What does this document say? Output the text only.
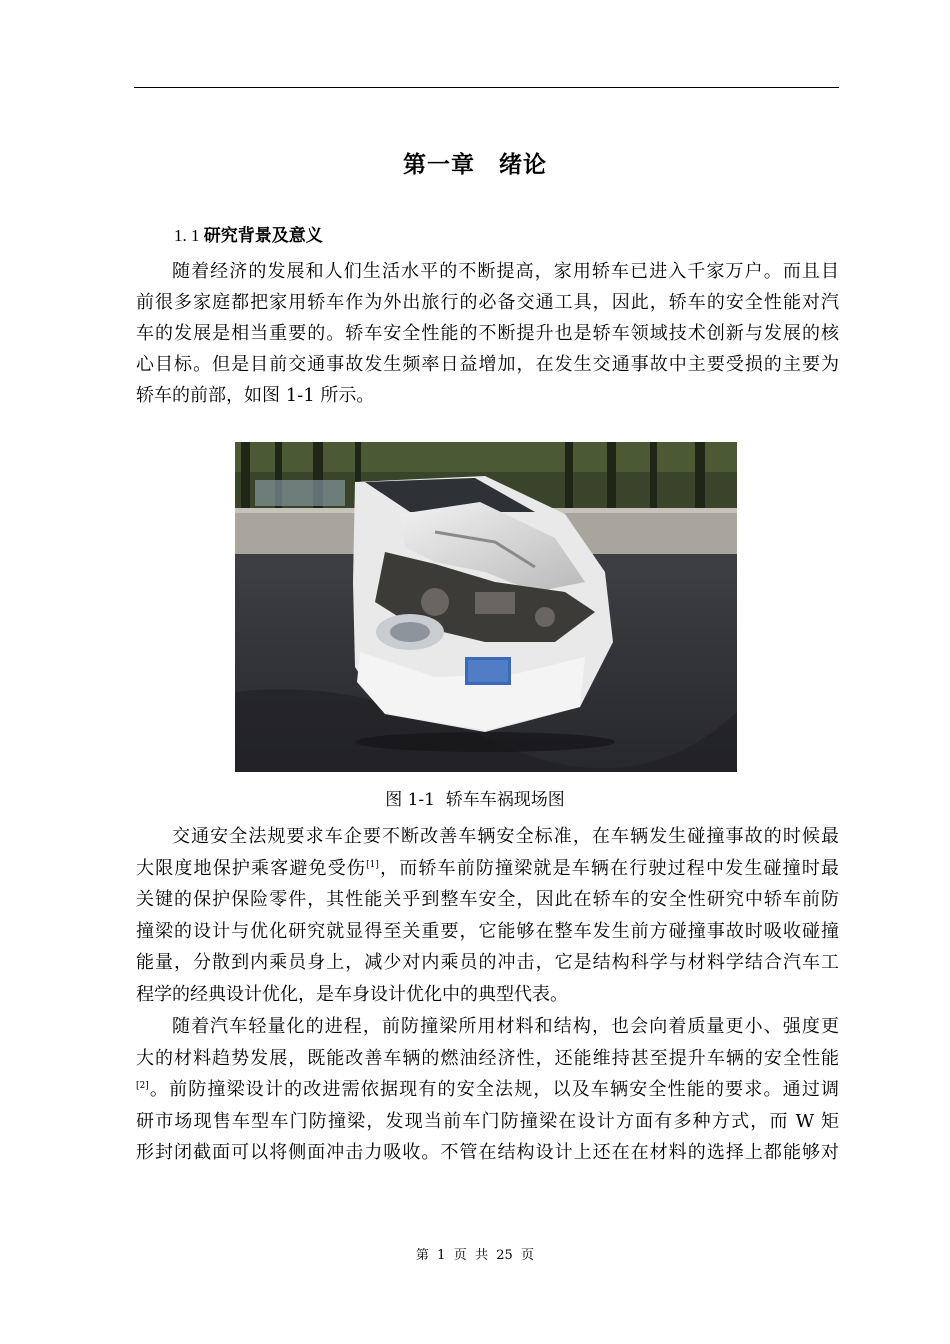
第一章　绪论
1. 1 研究背景及意义
随着经济的发展和人们生活水平的不断提高，家用轿车已进入千家万户。而且目
前很多家庭都把家用轿车作为外出旅行的必备交通工具，因此，轿车的安全性能对汽
车的发展是相当重要的。轿车安全性能的不断提升也是轿车领域技术创新与发展的核
心目标。但是目前交通事故发生频率日益增加，在发生交通事故中主要受损的主要为
轿车的前部，如图 1-1 所示。
图 1-1  轿车车祸现场图
交通安全法规要求车企要不断改善车辆安全标准，在车辆发生碰撞事故的时候最
大限度地保护乘客避免受伤[1]，而轿车前防撞梁就是车辆在行驶过程中发生碰撞时最
关键的保护保险零件，其性能关乎到整车安全，因此在轿车的安全性研究中轿车前防
撞梁的设计与优化研究就显得至关重要，它能够在整车发生前方碰撞事故时吸收碰撞
能量，分散到内乘员身上，减少对内乘员的冲击，它是结构科学与材料学结合汽车工
程学的经典设计优化，是车身设计优化中的典型代表。
随着汽车轻量化的进程，前防撞梁所用材料和结构，也会向着质量更小、强度更
大的材料趋势发展，既能改善车辆的燃油经济性，还能维持甚至提升车辆的安全性能
[2]。前防撞梁设计的改进需依据现有的安全法规，以及车辆安全性能的要求。通过调
研市场现售车型车门防撞梁，发现当前车门防撞梁在设计方面有多种方式，而 W 矩
形封闭截面可以将侧面冲击力吸收。不管在结构设计上还在在材料的选择上都能够对
第  1  页  共  25  页
